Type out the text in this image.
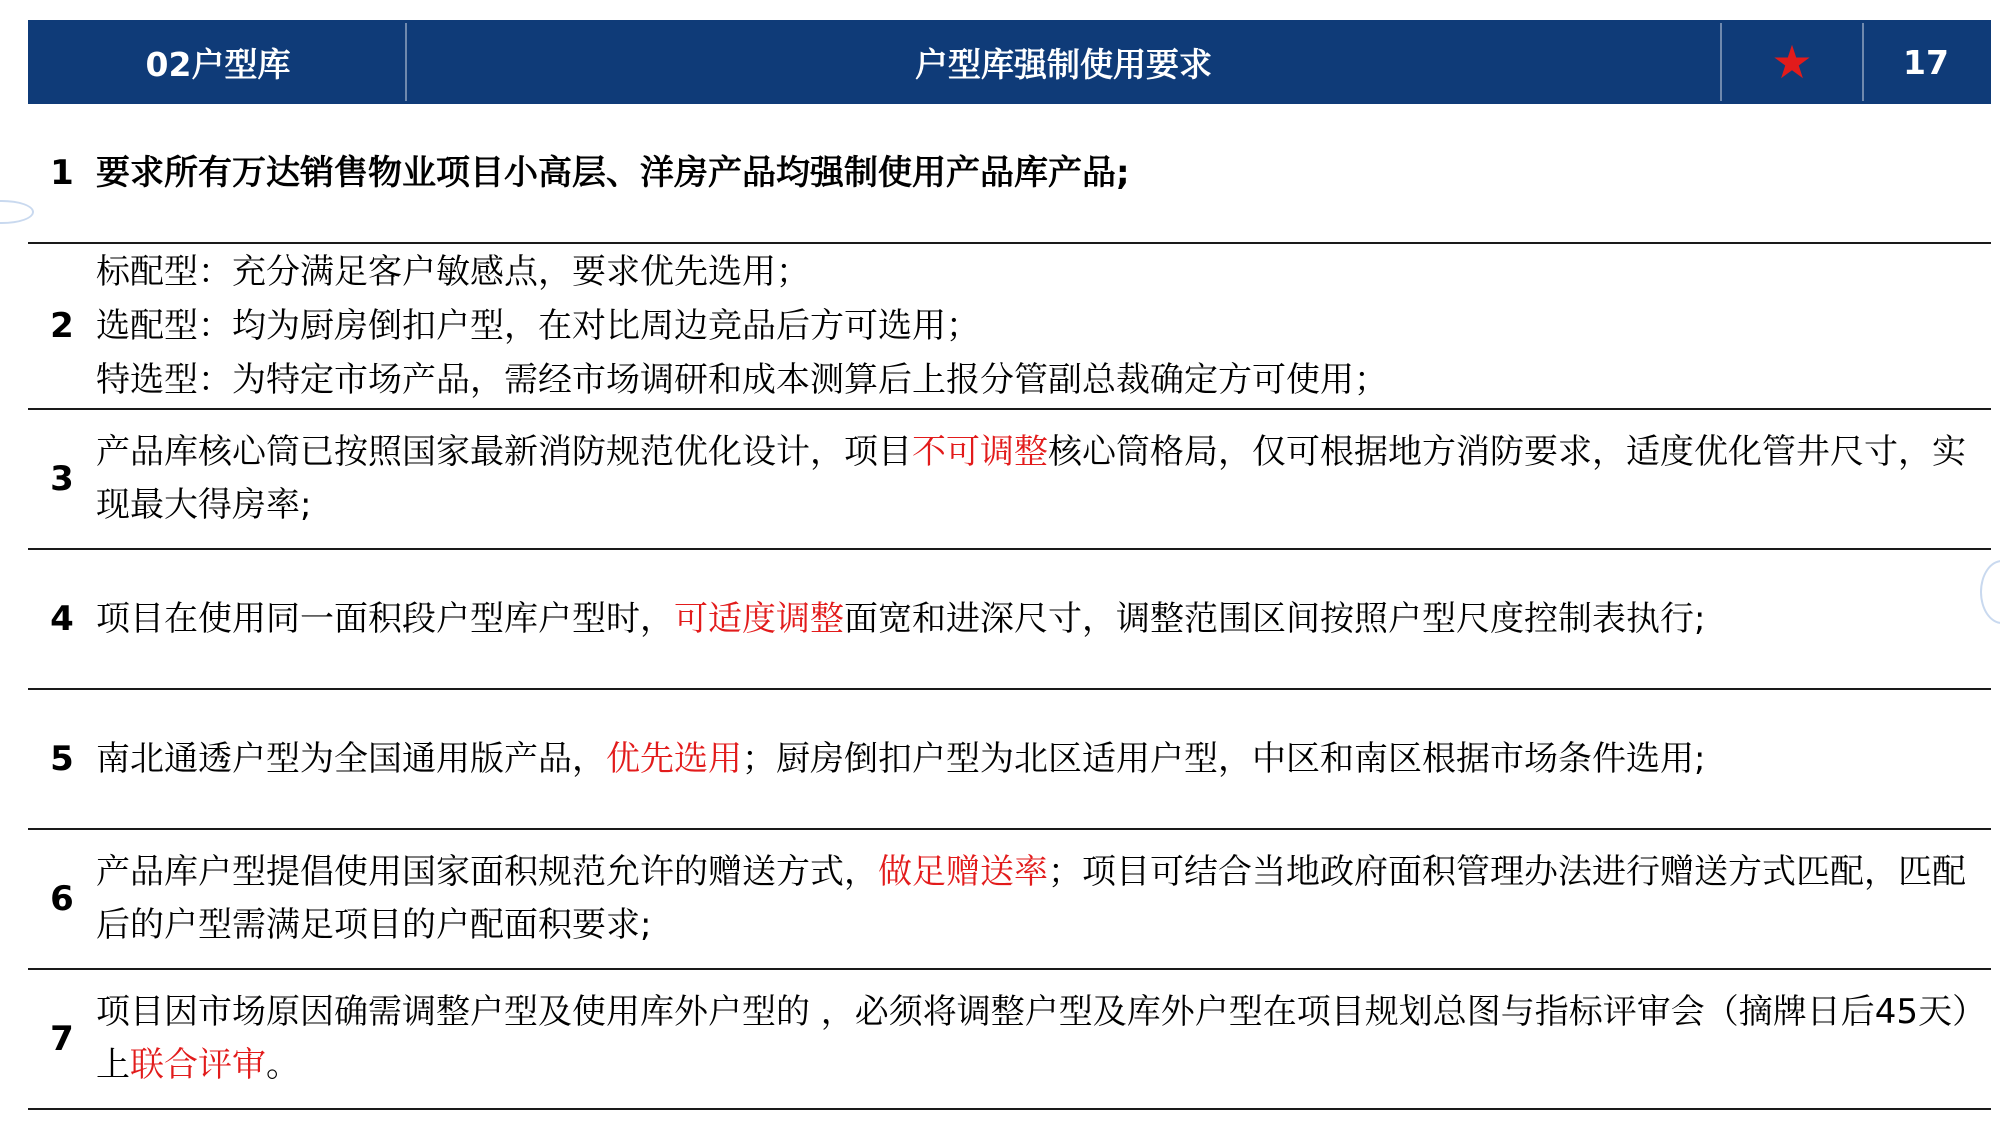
02户型库	户型库强制使用要求	★	17
1 要求所有万达销售物业项目小高层、洋房产品均强制使用产品库产品;
2
标配型：充分满足客户敏感点，要求优先选用；
选配型：均为厨房倒扣户型，在对比周边竞品后方可选用；
特选型：为特定市场产品，需经市场调研和成本测算后上报分管副总裁确定方可使用；
3
产品库核心筒已按照国家最新消防规范优化设计，项目不可调整核心筒格局，仅可根据地方消防要求，适度优化管井尺寸，实现最大得房率;
4 项目在使用同一面积段户型库户型时，可适度调整面宽和进深尺寸，调整范围区间按照户型尺度控制表执行;
5 南北通透户型为全国通用版产品，优先选用；厨房倒扣户型为北区适用户型，中区和南区根据市场条件选用;
6
产品库户型提倡使用国家面积规范允许的赠送方式，做足赠送率；项目可结合当地政府面积管理办法进行赠送方式匹配，匹配后的户型需满足项目的户配面积要求;
7
项目因市场原因确需调整户型及使用库外户型的 ，必须将调整户型及库外户型在项目规划总图与指标评审会（摘牌日后45天）上联合评审。
